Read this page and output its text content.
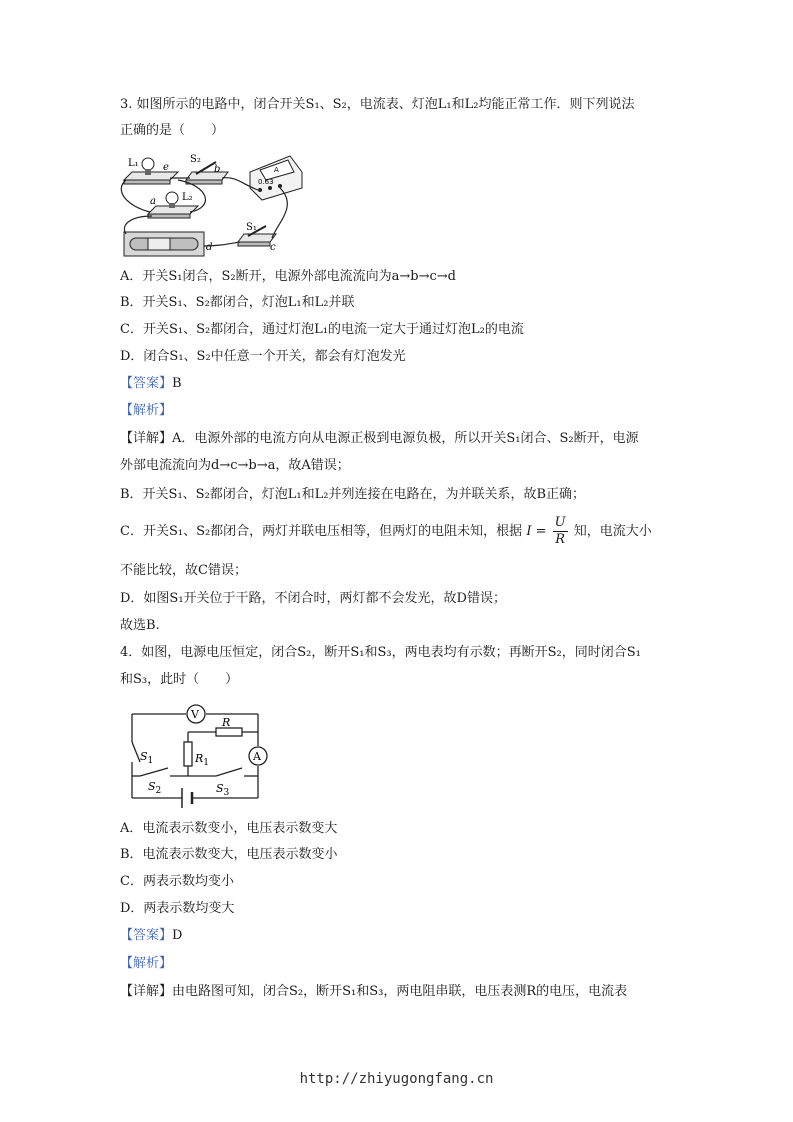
3. 如图所示的电路中，闭合开关S₁、S₂，电流表、灯泡L₁和L₂均能正常工作．则下列说法
正确的是（　　）
L₁ e
S₂
b	A
0.63
a	L₂
S₁
c
d
A．开关S₁闭合，S₂断开，电源外部电流流向为a→b→c→d
B．开关S₁、S₂都闭合，灯泡L₁和L₂并联
C．开关S₁、S₂都闭合，通过灯泡L₁的电流一定大于通过灯泡L₂的电流
D．闭合S₁、S₂中任意一个开关，都会有灯泡发光
【答案】B
【解析】
【详解】A．电源外部的电流方向从电源正极到电源负极，所以开关S₁闭合、S₂断开，电源
外部电流流向为d→c→b→a，故A错误；
B．开关S₁、S₂都闭合，灯泡L₁和L₂并列连接在电路在，为并联关系，故B正确；
C．开关S₁、S₂都闭合，两灯并联电压相等，但两灯的电阻未知，根据 $I = \frac{U}{R}$ 知，电流大小
不能比较，故C错误；
D．如图S₁开关位于干路，不闭合时，两灯都不会发光，故D错误；
故选B.
4．如图，电源电压恒定，闭合S₂，断开S₁和S₃，两电表均有示数；再断开S₂，同时闭合S₁
和S₃，此时（　　）
V
A
R
$R_1$
$S_1$
$S_2$	$S_3$
A．电流表示数变小，电压表示数变大
B．电流表示数变大，电压表示数变小
C．两表示数均变小
D．两表示数均变大
【答案】D
【解析】
【详解】由电路图可知，闭合S₂，断开S₁和S₃，两电阻串联，电压表测R的电压，电流表
http://zhiyugongfang.cn
